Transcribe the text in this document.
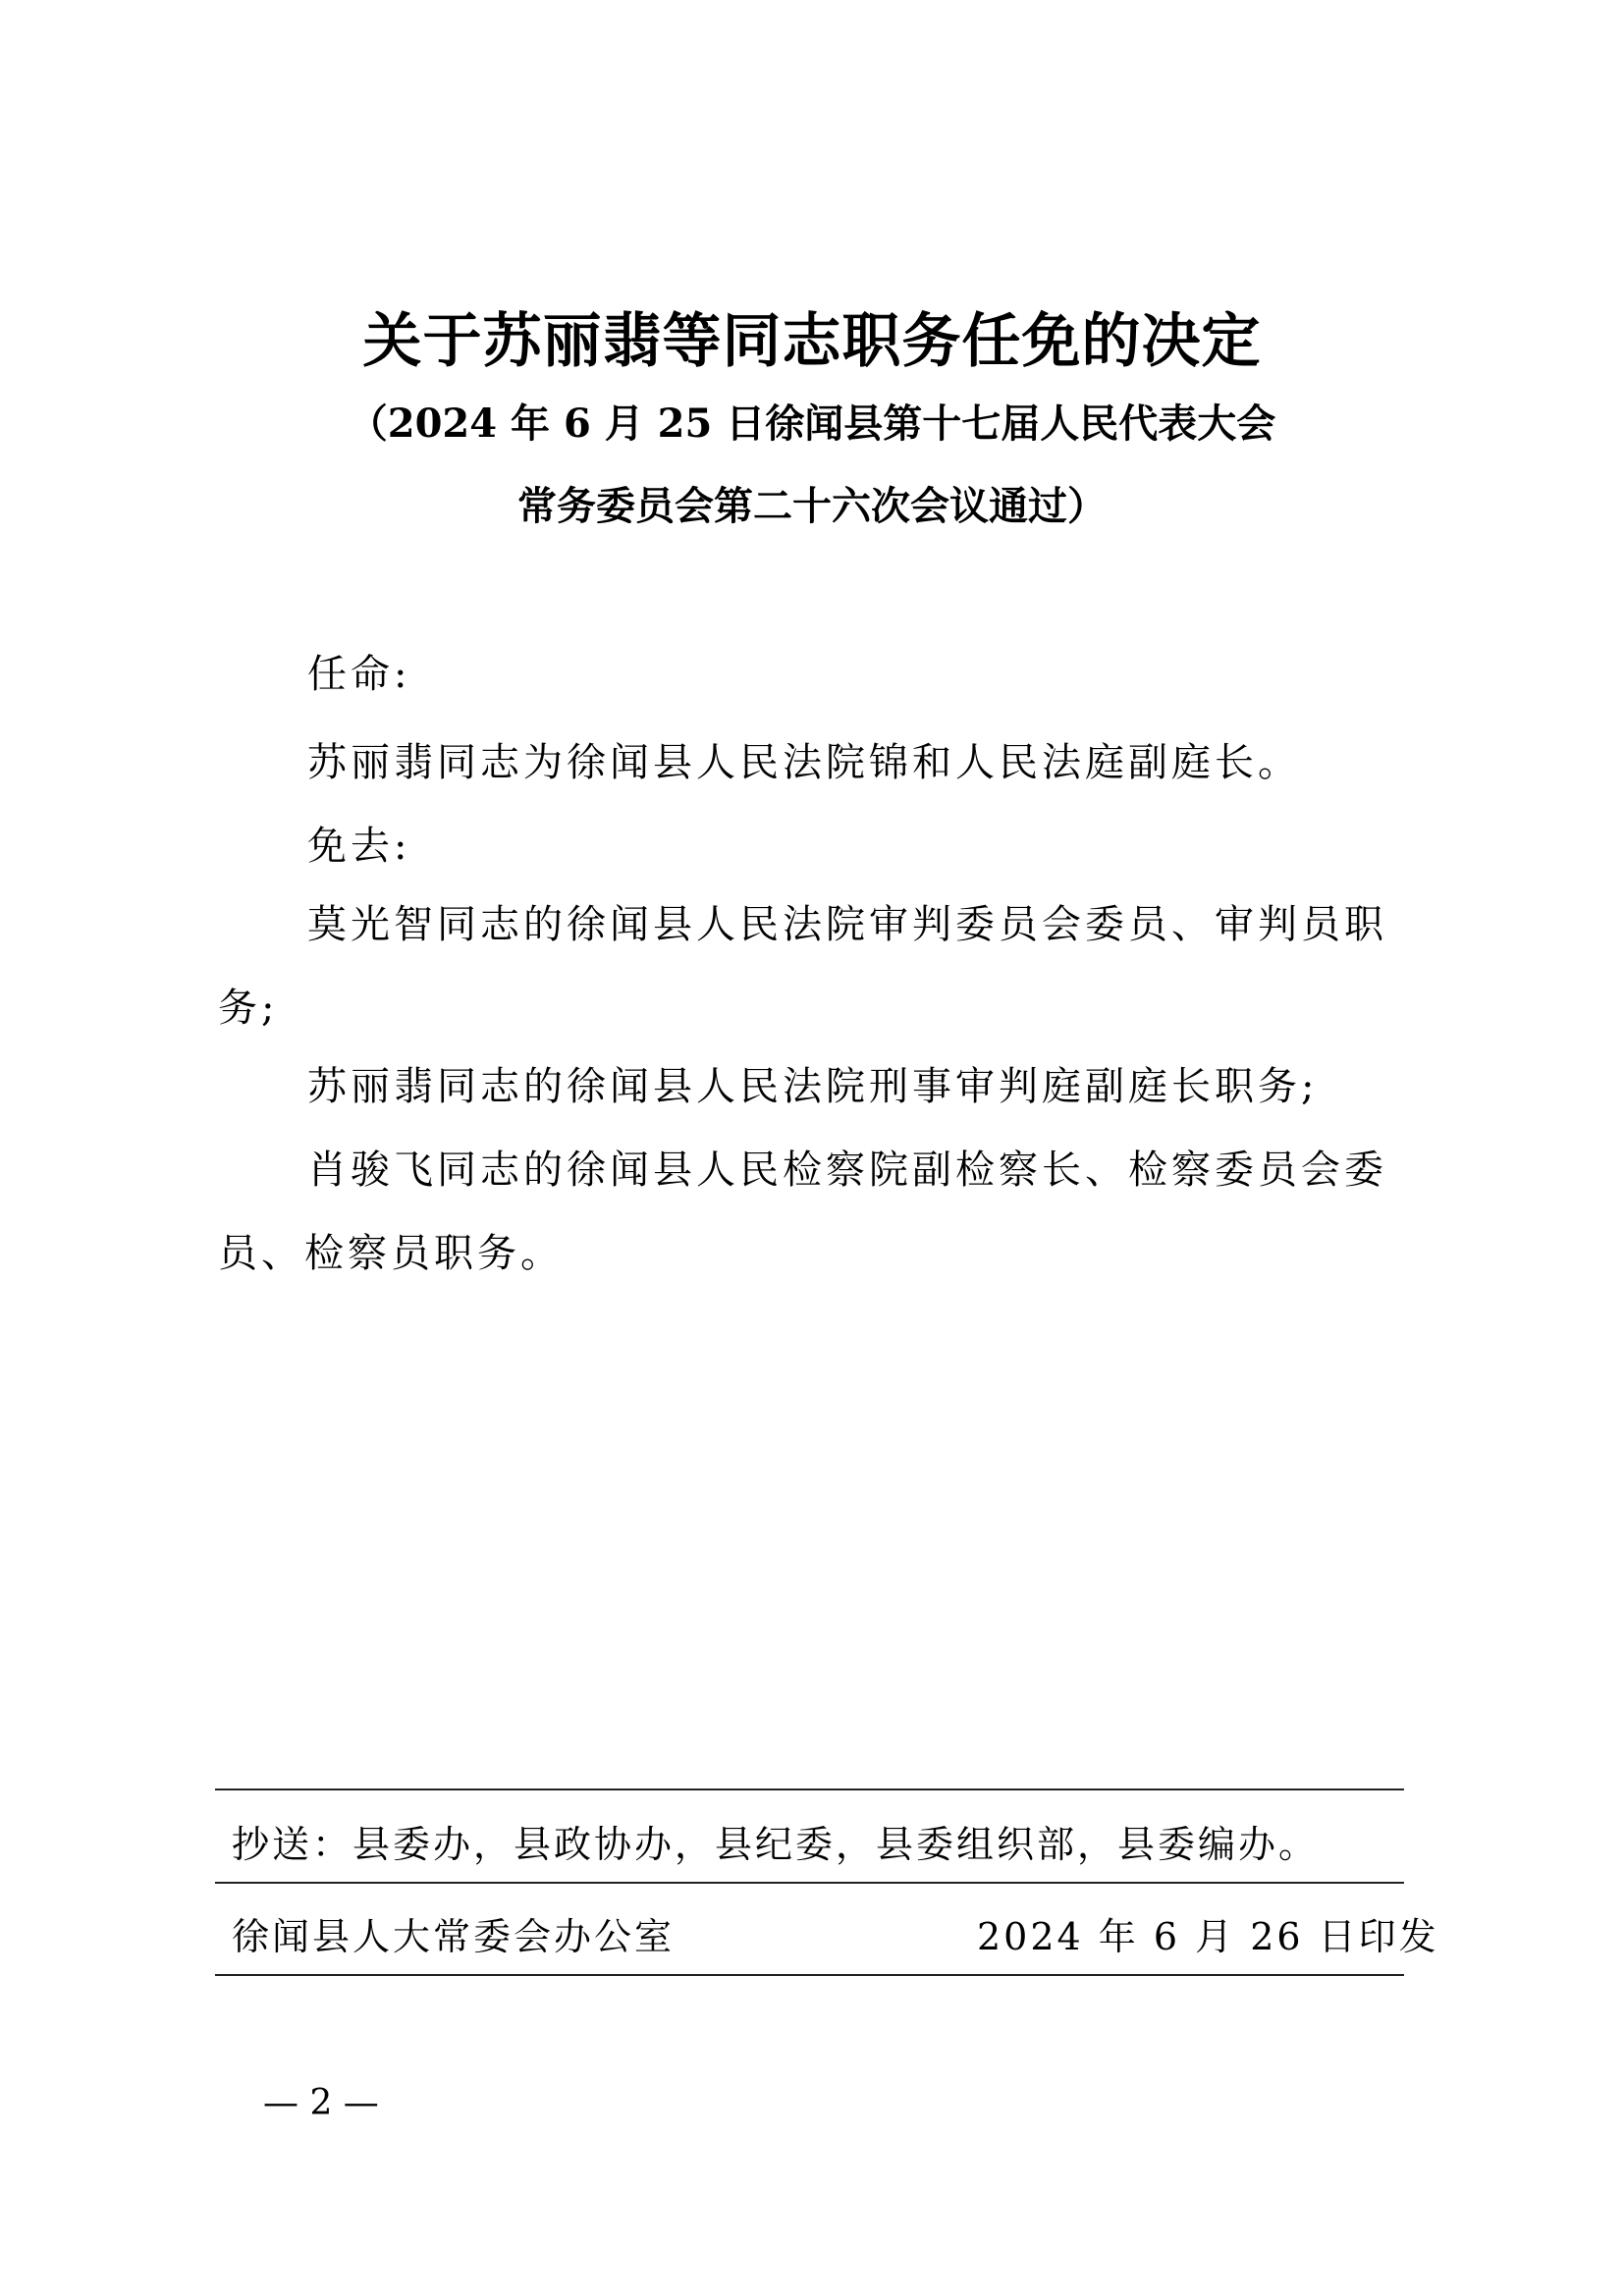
关于苏丽翡等同志职务任免的决定
（2024 年 6 月 25 日徐闻县第十七届人民代表大会
常务委员会第二十六次会议通过）
任命:
苏丽翡同志为徐闻县人民法院锦和人民法庭副庭长。
免去:
莫光智同志的徐闻县人民法院审判委员会委员、审判员职
务;
苏丽翡同志的徐闻县人民法院刑事审判庭副庭长职务;
肖骏飞同志的徐闻县人民检察院副检察长、检察委员会委
员、检察员职务。
抄送：县委办，县政协办，县纪委，县委组织部，县委编办。
徐闻县人大常委会办公室	2024 年 6 月 26 日印发
— 2 —
